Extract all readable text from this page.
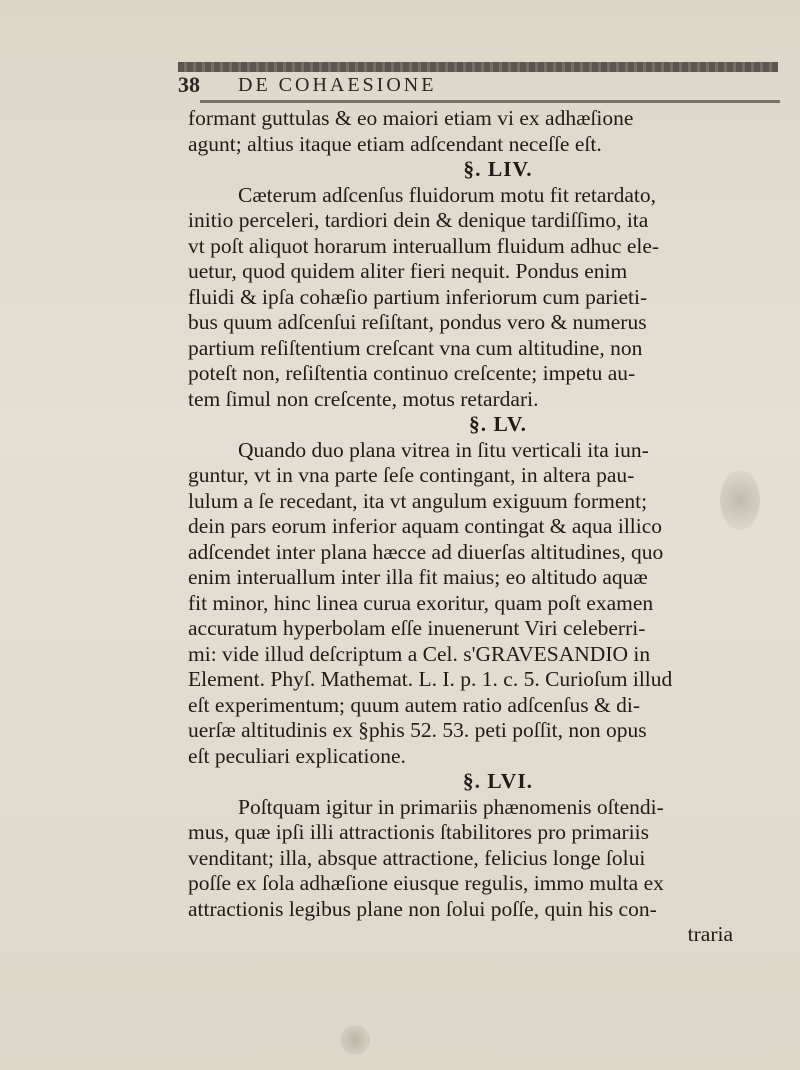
38 DE COHAESIONE
formant guttulas & eo maiori etiam vi ex adhæſione
agunt; altius itaque etiam adſcendant neceſſe eſt.
§. LIV.
Cæterum adſcenſus fluidorum motu fit retardato,
initio perceleri, tardiori dein & denique tardiſſimo, ita
vt poſt aliquot horarum interuallum fluidum adhuc ele-
uetur, quod quidem aliter fieri nequit. Pondus enim
fluidi & ipſa cohæſio partium inferiorum cum parieti-
bus quum adſcenſui reſiſtant, pondus vero & numerus
partium reſiſtentium creſcant vna cum altitudine, non
poteſt non, reſiſtentia continuo creſcente; impetu au-
tem ſimul non creſcente, motus retardari.
§. LV.
Quando duo plana vitrea in ſitu verticali ita iun-
guntur, vt in vna parte ſeſe contingant, in altera pau-
lulum a ſe recedant, ita vt angulum exiguum forment;
dein pars eorum inferior aquam contingat & aqua illico
adſcendet inter plana hæcce ad diuerſas altitudines, quo
enim interuallum inter illa fit maius; eo altitudo aquæ
fit minor, hinc linea curua exoritur, quam poſt examen
accuratum hyperbolam eſſe inuenerunt Viri celeberri-
mi: vide illud deſcriptum a Cel. s'GRAVESANDIO in
Element. Phyſ. Mathemat. L. I. p. 1. c. 5. Curioſum illud
eſt experimentum; quum autem ratio adſcenſus & di-
uerſæ altitudinis ex §phis 52. 53. peti poſſit, non opus
eſt peculiari explicatione.
§. LVI.
Poſtquam igitur in primariis phænomenis oſtendi-
mus, quæ ipſi illi attractionis ſtabilitores pro primariis
venditant; illa, absque attractione, felicius longe ſolui
poſſe ex ſola adhæſione eiusque regulis, immo multa ex
attractionis legibus plane non ſolui poſſe, quin his con-
traria
